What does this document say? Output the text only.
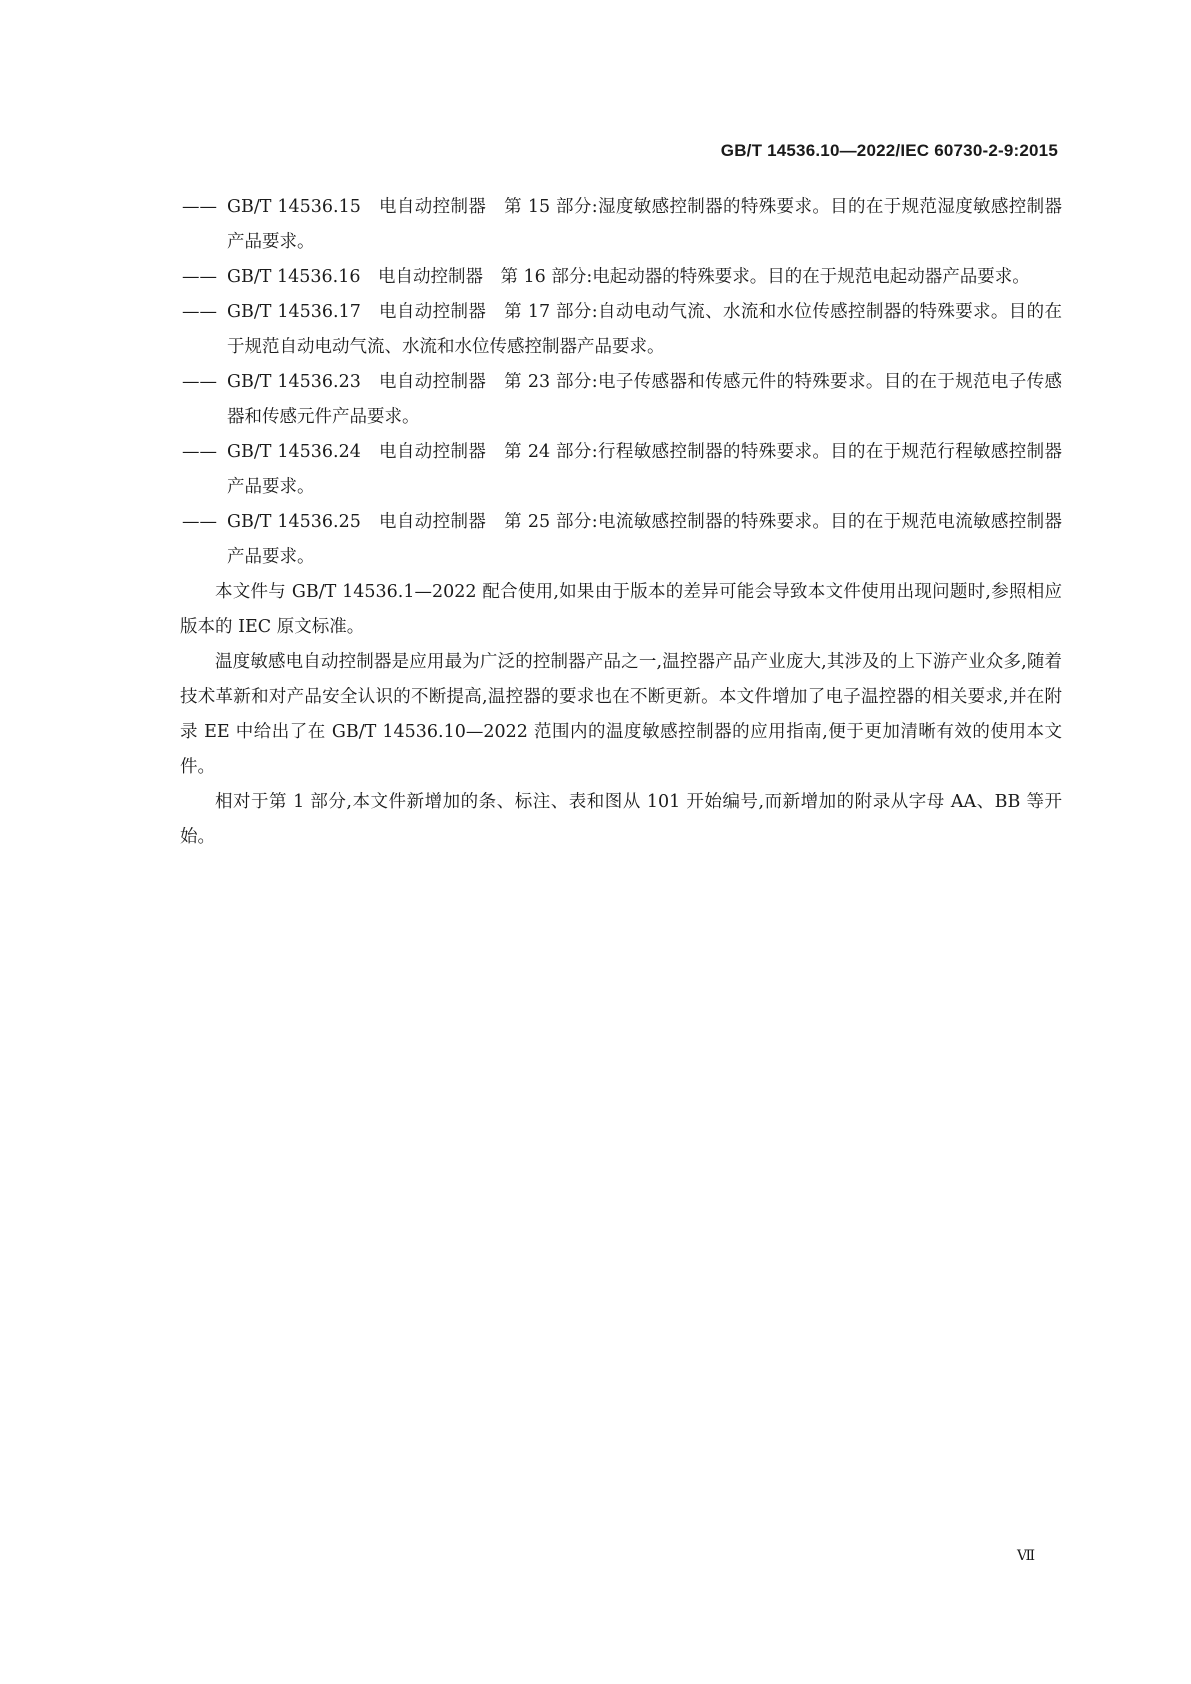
GB/T 14536.10—2022/IEC 60730-2-9:2015
—— GB/T 14536.15　电自动控制器　第 15 部分:湿度敏感控制器的特殊要求。目的在于规范湿度敏感控制器产品要求。
—— GB/T 14536.16　电自动控制器　第 16 部分:电起动器的特殊要求。目的在于规范电起动器产品要求。
—— GB/T 14536.17　电自动控制器　第 17 部分:自动电动气流、水流和水位传感控制器的特殊要求。目的在于规范自动电动气流、水流和水位传感控制器产品要求。
—— GB/T 14536.23　电自动控制器　第 23 部分:电子传感器和传感元件的特殊要求。目的在于规范电子传感器和传感元件产品要求。
—— GB/T 14536.24　电自动控制器　第 24 部分:行程敏感控制器的特殊要求。目的在于规范行程敏感控制器产品要求。
—— GB/T 14536.25　电自动控制器　第 25 部分:电流敏感控制器的特殊要求。目的在于规范电流敏感控制器产品要求。

本文件与 GB/T 14536.1—2022 配合使用,如果由于版本的差异可能会导致本文件使用出现问题时,参照相应版本的 IEC 原文标准。

温度敏感电自动控制器是应用最为广泛的控制器产品之一,温控器产品产业庞大,其涉及的上下游产业众多,随着技术革新和对产品安全认识的不断提高,温控器的要求也在不断更新。本文件增加了电子温控器的相关要求,并在附录 EE 中给出了在 GB/T 14536.10—2022 范围内的温度敏感控制器的应用指南,便于更加清晰有效的使用本文件。

相对于第 1 部分,本文件新增加的条、标注、表和图从 101 开始编号,而新增加的附录从字母 AA、BB 等开始。

Ⅶ
